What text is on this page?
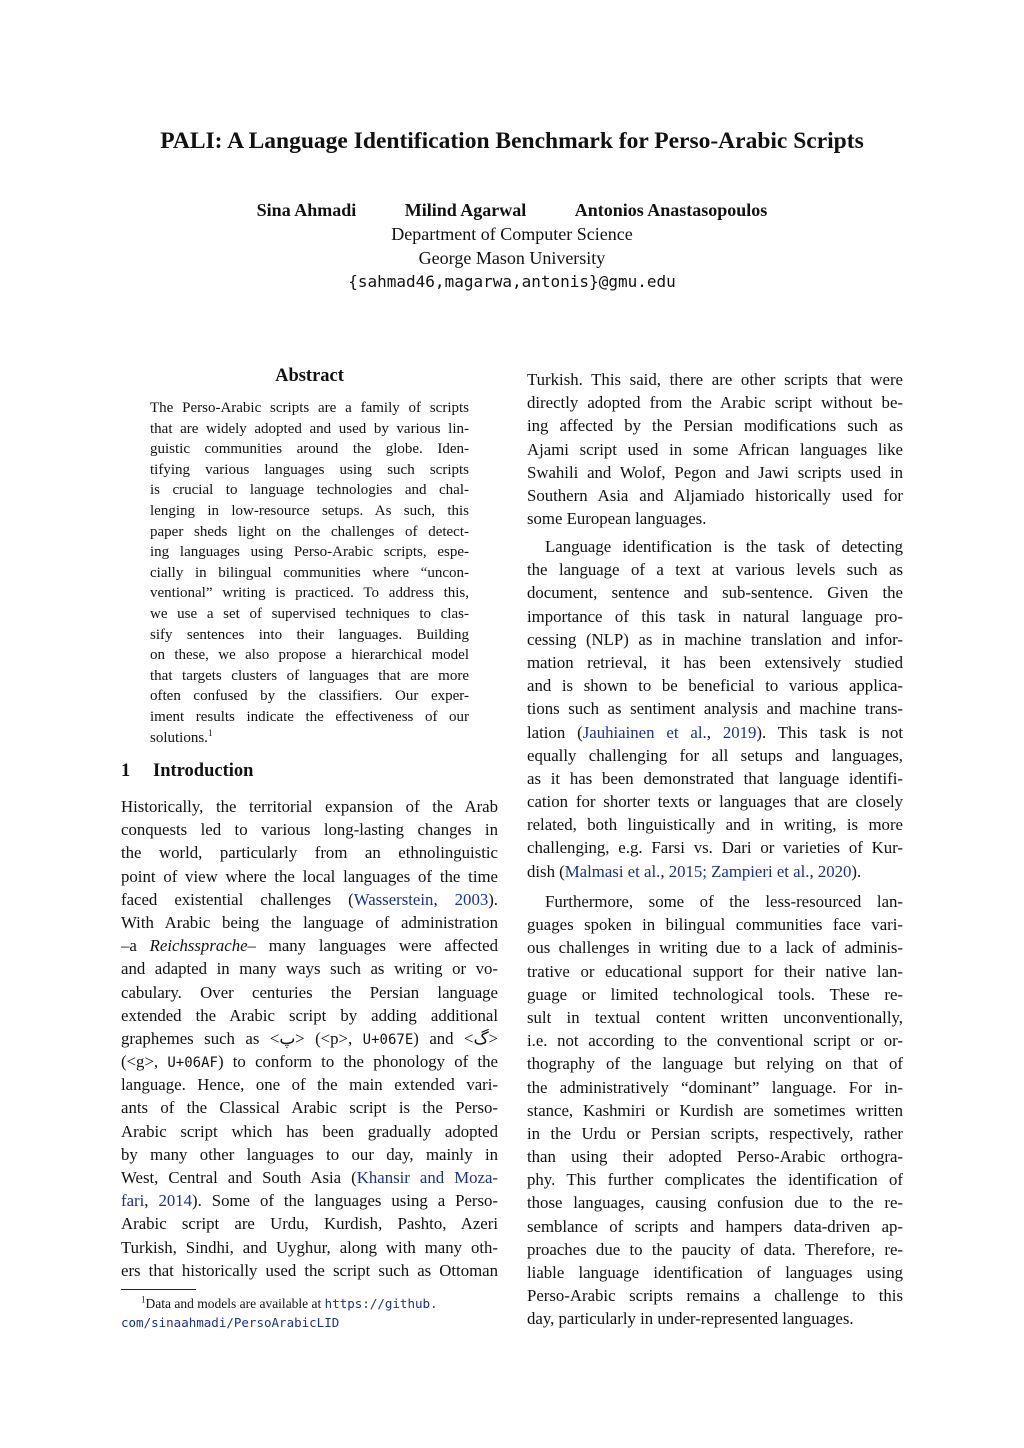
PALI: A Language Identification Benchmark for Perso-Arabic Scripts
Sina Ahmadi	Milind Agarwal	Antonios Anastasopoulos
Department of Computer Science
George Mason University
{sahmad46,magarwa,antonis}@gmu.edu
Abstract
The Perso-Arabic scripts are a family of scripts
that are widely adopted and used by various lin-
guistic communities around the globe. Iden-
tifying various languages using such scripts
is crucial to language technologies and chal-
lenging in low-resource setups. As such, this
paper sheds light on the challenges of detect-
ing languages using Perso-Arabic scripts, espe-
cially in bilingual communities where “uncon-
ventional” writing is practiced. To address this,
we use a set of supervised techniques to clas-
sify sentences into their languages. Building
on these, we also propose a hierarchical model
that targets clusters of languages that are more
often confused by the classifiers. Our exper-
iment results indicate the effectiveness of our
solutions.$^1$
1 Introduction
Historically, the territorial expansion of the Arab
conquests led to various long-lasting changes in
the world, particularly from an ethnolinguistic
point of view where the local languages of the time
faced existential challenges (Wasserstein, 2003).
With Arabic being the language of administration
–a Reichssprache– many languages were affected
and adapted in many ways such as writing or vo-
cabulary. Over centuries the Persian language
extended the Arabic script by adding additional
graphemes such as <پ> (<p>, U+067E) and <گ>
(<g>, U+06AF) to conform to the phonology of the
language. Hence, one of the main extended vari-
ants of the Classical Arabic script is the Perso-
Arabic script which has been gradually adopted
by many other languages to our day, mainly in
West, Central and South Asia (Khansir and Moza-
fari, 2014). Some of the languages using a Perso-
Arabic script are Urdu, Kurdish, Pashto, Azeri
Turkish, Sindhi, and Uyghur, along with many oth-
ers that historically used the script such as Ottoman
$^1$Data and models are available at https://github.
com/sinaahmadi/PersoArabicLID
Turkish. This said, there are other scripts that were
directly adopted from the Arabic script without be-
ing affected by the Persian modifications such as
Ajami script used in some African languages like
Swahili and Wolof, Pegon and Jawi scripts used in
Southern Asia and Aljamiado historically used for
some European languages.
Language identification is the task of detecting
the language of a text at various levels such as
document, sentence and sub-sentence. Given the
importance of this task in natural language pro-
cessing (NLP) as in machine translation and infor-
mation retrieval, it has been extensively studied
and is shown to be beneficial to various applica-
tions such as sentiment analysis and machine trans-
lation (Jauhiainen et al., 2019). This task is not
equally challenging for all setups and languages,
as it has been demonstrated that language identifi-
cation for shorter texts or languages that are closely
related, both linguistically and in writing, is more
challenging, e.g. Farsi vs. Dari or varieties of Kur-
dish (Malmasi et al., 2015; Zampieri et al., 2020).
Furthermore, some of the less-resourced lan-
guages spoken in bilingual communities face vari-
ous challenges in writing due to a lack of adminis-
trative or educational support for their native lan-
guage or limited technological tools. These re-
sult in textual content written unconventionally,
i.e. not according to the conventional script or or-
thography of the language but relying on that of
the administratively “dominant” language. For in-
stance, Kashmiri or Kurdish are sometimes written
in the Urdu or Persian scripts, respectively, rather
than using their adopted Perso-Arabic orthogra-
phy. This further complicates the identification of
those languages, causing confusion due to the re-
semblance of scripts and hampers data-driven ap-
proaches due to the paucity of data. Therefore, re-
liable language identification of languages using
Perso-Arabic scripts remains a challenge to this
day, particularly in under-represented languages.
